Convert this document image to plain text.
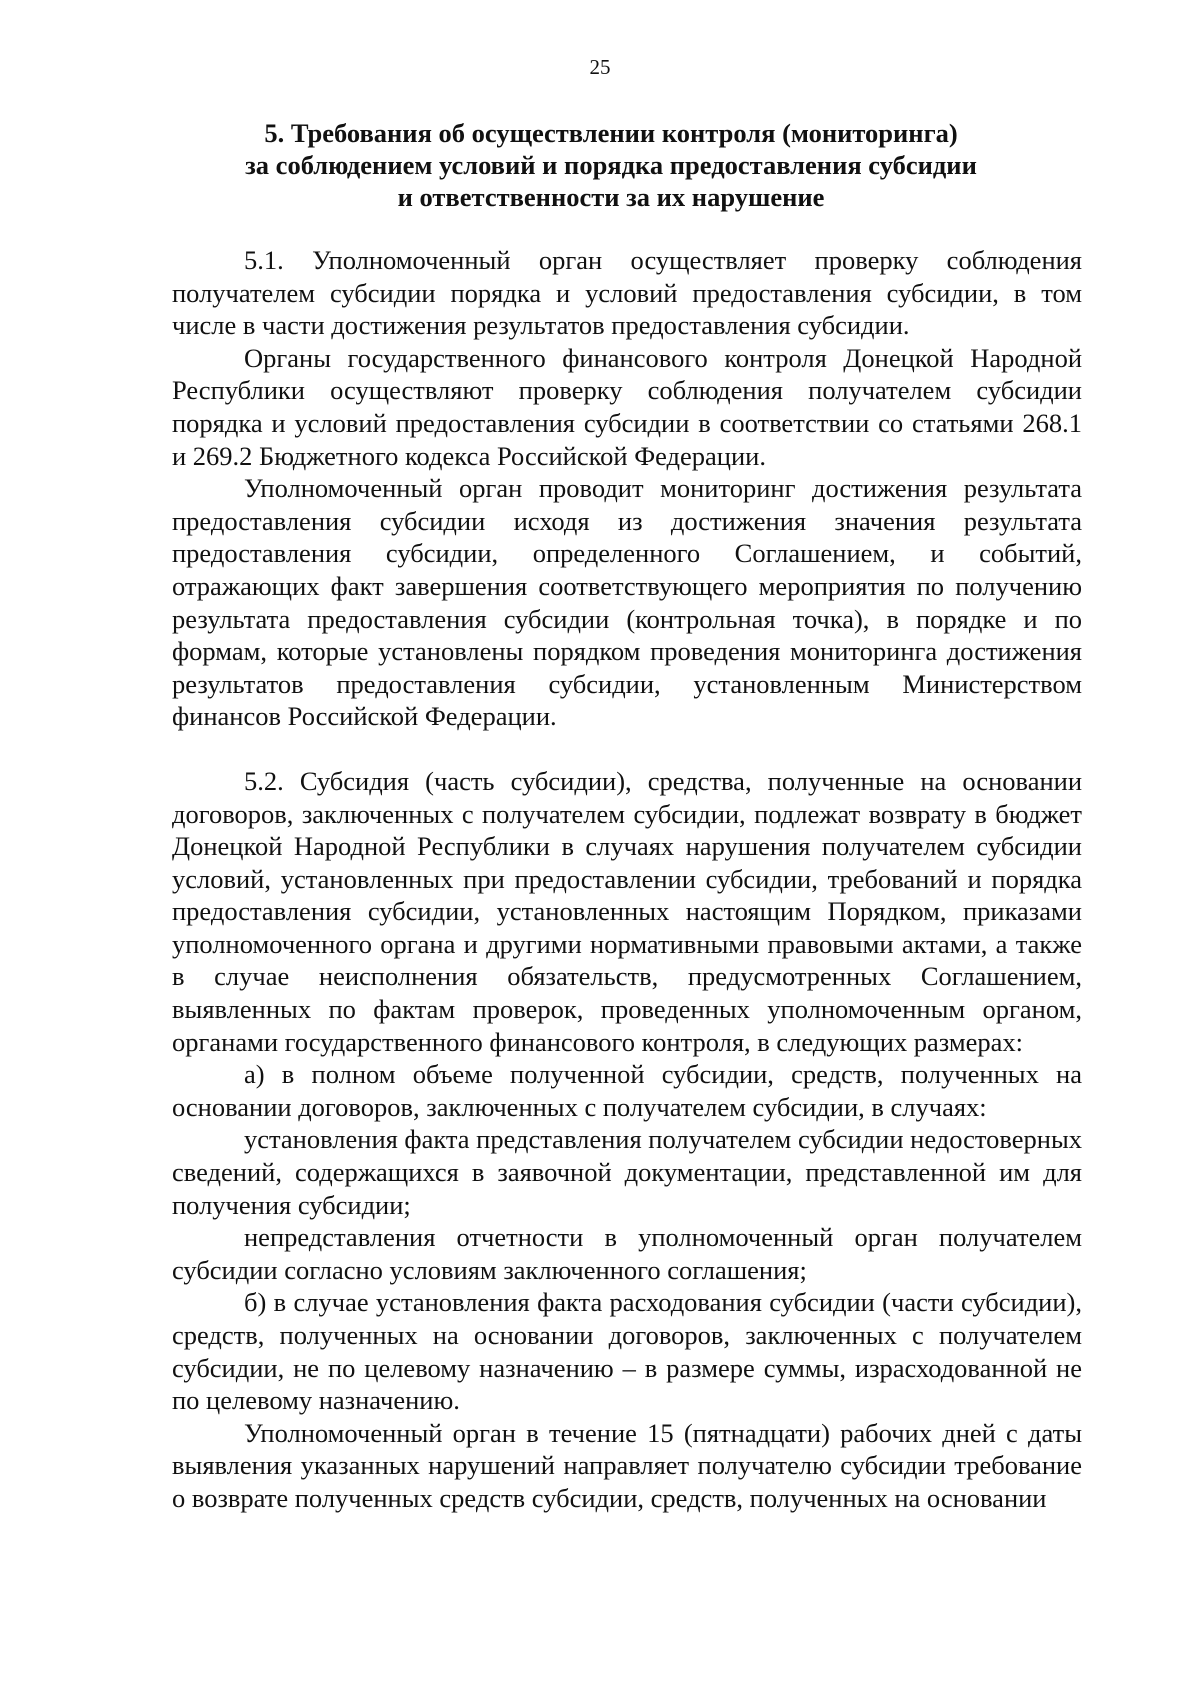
25
5. Требования об осуществлении контроля (мониторинга)
за соблюдением условий и порядка предоставления субсидии
и ответственности за их нарушение

5.1. Уполномоченный орган осуществляет проверку соблюдения получателем субсидии порядка и условий предоставления субсидии, в том числе в части достижения результатов предоставления субсидии.

Органы государственного финансового контроля Донецкой Народной Республики осуществляют проверку соблюдения получателем субсидии порядка и условий предоставления субсидии в соответствии со статьями 268.1 и 269.2 Бюджетного кодекса Российской Федерации.

Уполномоченный орган проводит мониторинг достижения результата предоставления субсидии исходя из достижения значения результата предоставления субсидии, определенного Соглашением, и событий, отражающих факт завершения соответствующего мероприятия по получению результата предоставления субсидии (контрольная точка), в порядке и по формам, которые установлены порядком проведения мониторинга достижения результатов предоставления субсидии, установленным Министерством финансов Российской Федерации.

5.2. Субсидия (часть субсидии), средства, полученные на основании договоров, заключенных с получателем субсидии, подлежат возврату в бюджет Донецкой Народной Республики в случаях нарушения получателем субсидии условий, установленных при предоставлении субсидии, требований и порядка предоставления субсидии, установленных настоящим Порядком, приказами уполномоченного органа и другими нормативными правовыми актами, а также в случае неисполнения обязательств, предусмотренных Соглашением, выявленных по фактам проверок, проведенных уполномоченным органом, органами государственного финансового контроля, в следующих размерах:

а) в полном объеме полученной субсидии, средств, полученных на основании договоров, заключенных с получателем субсидии, в случаях:

установления факта представления получателем субсидии недостоверных сведений, содержащихся в заявочной документации, представленной им для получения субсидии;

непредставления отчетности в уполномоченный орган получателем субсидии согласно условиям заключенного соглашения;

б) в случае установления факта расходования субсидии (части субсидии), средств, полученных на основании договоров, заключенных с получателем субсидии, не по целевому назначению – в размере суммы, израсходованной не по целевому назначению.

Уполномоченный орган в течение 15 (пятнадцати) рабочих дней с даты выявления указанных нарушений направляет получателю субсидии требование о возврате полученных средств субсидии, средств, полученных на основании
